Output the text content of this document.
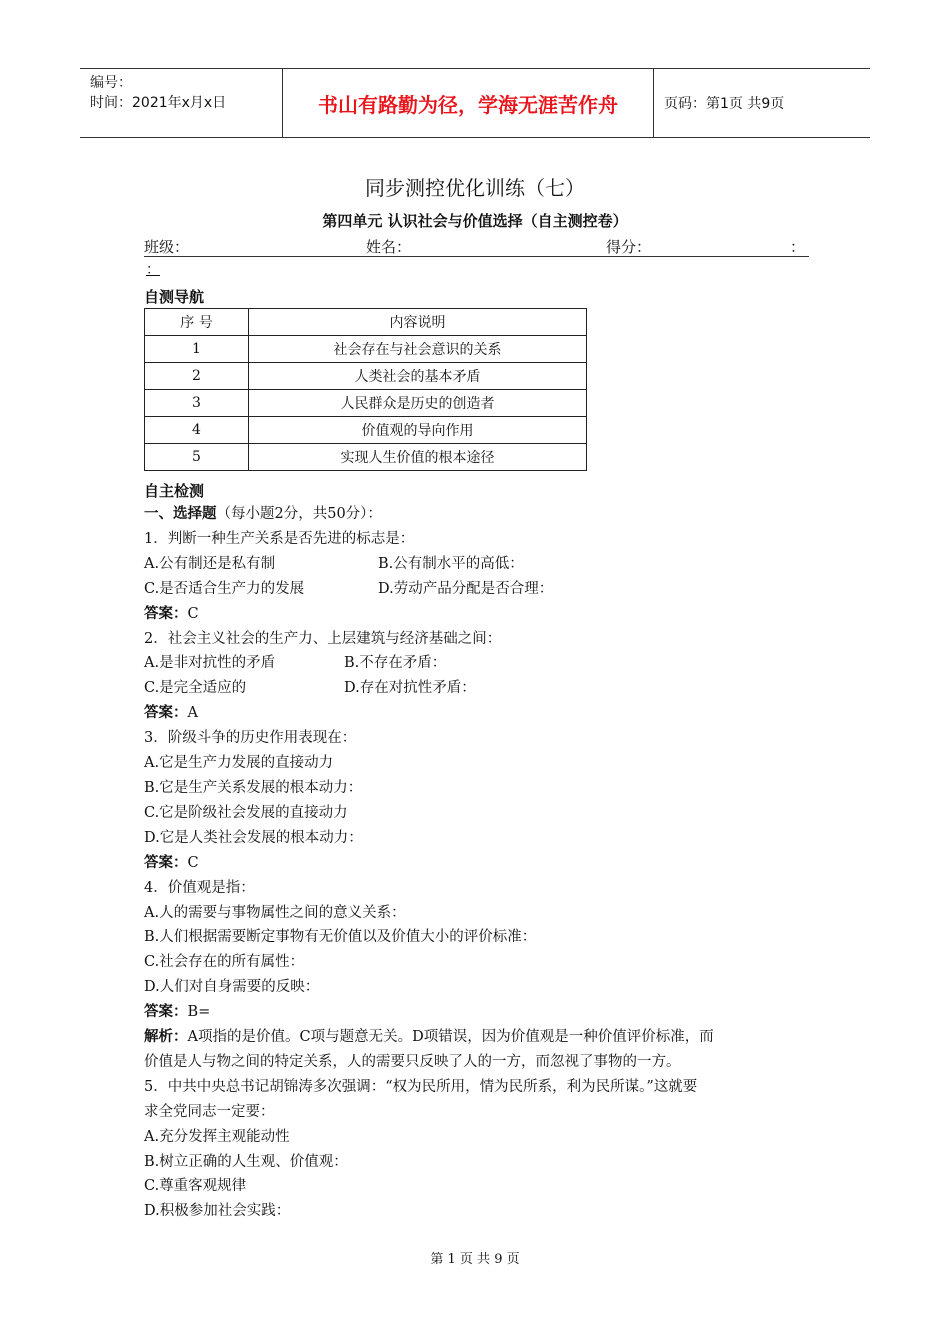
编号：
时间：2021年x月x日	书山有路勤为径，学海无涯苦作舟	页码：第1页 共9页
同步测控优化训练（七）
第四单元 认识社会与价值选择（自主测控卷）
班级：	姓名：	得分：	：
：
自测导航
序 号	内容说明
1	社会存在与社会意识的关系
2	人类社会的基本矛盾
3	人民群众是历史的创造者
4	价值观的导向作用
5	实现人生价值的根本途径
自主检测

一、选择题（每小题2分，共50分）：

1．判断一种生产关系是否先进的标志是：

A.公有制还是私有制	B.公有制水平的高低：

C.是否适合生产力的发展	D.劳动产品分配是否合理：

答案：C

2．社会主义社会的生产力、上层建筑与经济基础之间：

A.是非对抗性的矛盾	B.不存在矛盾：

C.是完全适应的	D.存在对抗性矛盾：

答案：A

3．阶级斗争的历史作用表现在：

A.它是生产力发展的直接动力

B.它是生产关系发展的根本动力：

C.它是阶级社会发展的直接动力

D.它是人类社会发展的根本动力：

答案：C

4．价值观是指：

A.人的需要与事物属性之间的意义关系：

B.人们根据需要断定事物有无价值以及价值大小的评价标准：

C.社会存在的所有属性：

D.人们对自身需要的反映：

答案：B=

解析：A项指的是价值。C项与题意无关。D项错误，因为价值观是一种价值评价标准，而

价值是人与物之间的特定关系，人的需要只反映了人的一方，而忽视了事物的一方。

5．中共中央总书记胡锦涛多次强调：“权为民所用，情为民所系，利为民所谋。”这就要

求全党同志一定要：

A.充分发挥主观能动性

B.树立正确的人生观、价值观：

C.尊重客观规律

D.积极参加社会实践：

第 1 页 共 9 页
